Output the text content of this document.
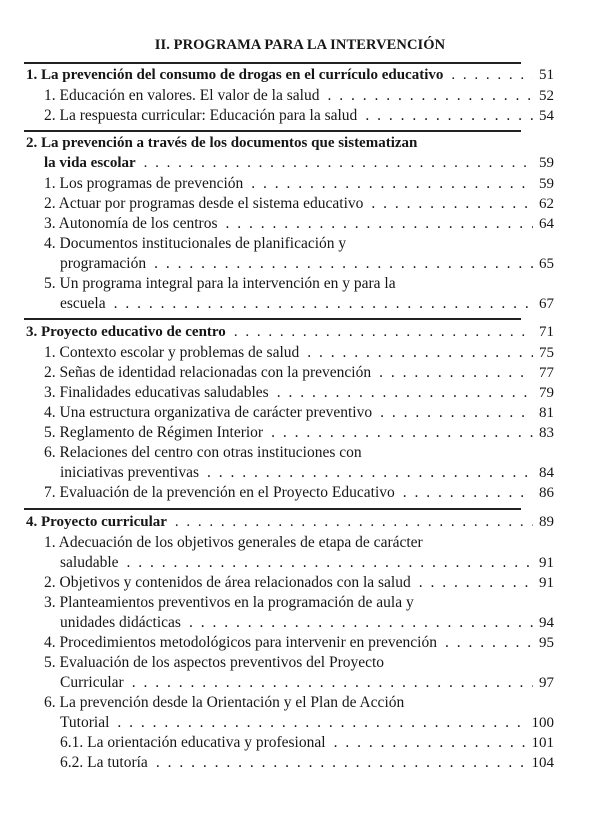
II. PROGRAMA PARA LA INTERVENCIÓN
1. La prevención del consumo de drogas en el currículo educativo . . .	51
1. Educación en valores. El valor de la salud . . .	52
2. La respuesta curricular: Educación para la salud . . .	54
2. La prevención a través de los documentos que sistematizan
la vida escolar . . .	59
1. Los programas de prevención . . .	59
2. Actuar por programas desde el sistema educativo . . .	62
3. Autonomía de los centros . . .	64
4. Documentos institucionales de planificación y
programación . . .	65
5. Un programa integral para la intervención en y para la
escuela . . .	67
3. Proyecto educativo de centro . . .	71
1. Contexto escolar y problemas de salud . . .	75
2. Señas de identidad relacionadas con la prevención . . .	77
3. Finalidades educativas saludables . . .	79
4. Una estructura organizativa de carácter preventivo . . .	81
5. Reglamento de Régimen Interior . . .	83
6. Relaciones del centro con otras instituciones con
iniciativas preventivas . . .	84
7. Evaluación de la prevención en el Proyecto Educativo . . .	86
4. Proyecto curricular . . .	89
1. Adecuación de los objetivos generales de etapa de carácter
saludable . . .	91
2. Objetivos y contenidos de área relacionados con la salud . . .	91
3. Planteamientos preventivos en la programación de aula y
unidades didácticas . . .	94
4. Procedimientos metodológicos para intervenir en prevención . . .	95
5. Evaluación de los aspectos preventivos del Proyecto
Curricular . . .	97
6. La prevención desde la Orientación y el Plan de Acción
Tutorial . . .	100
6.1. La orientación educativa y profesional . . .	101
6.2. La tutoría . . .	104
